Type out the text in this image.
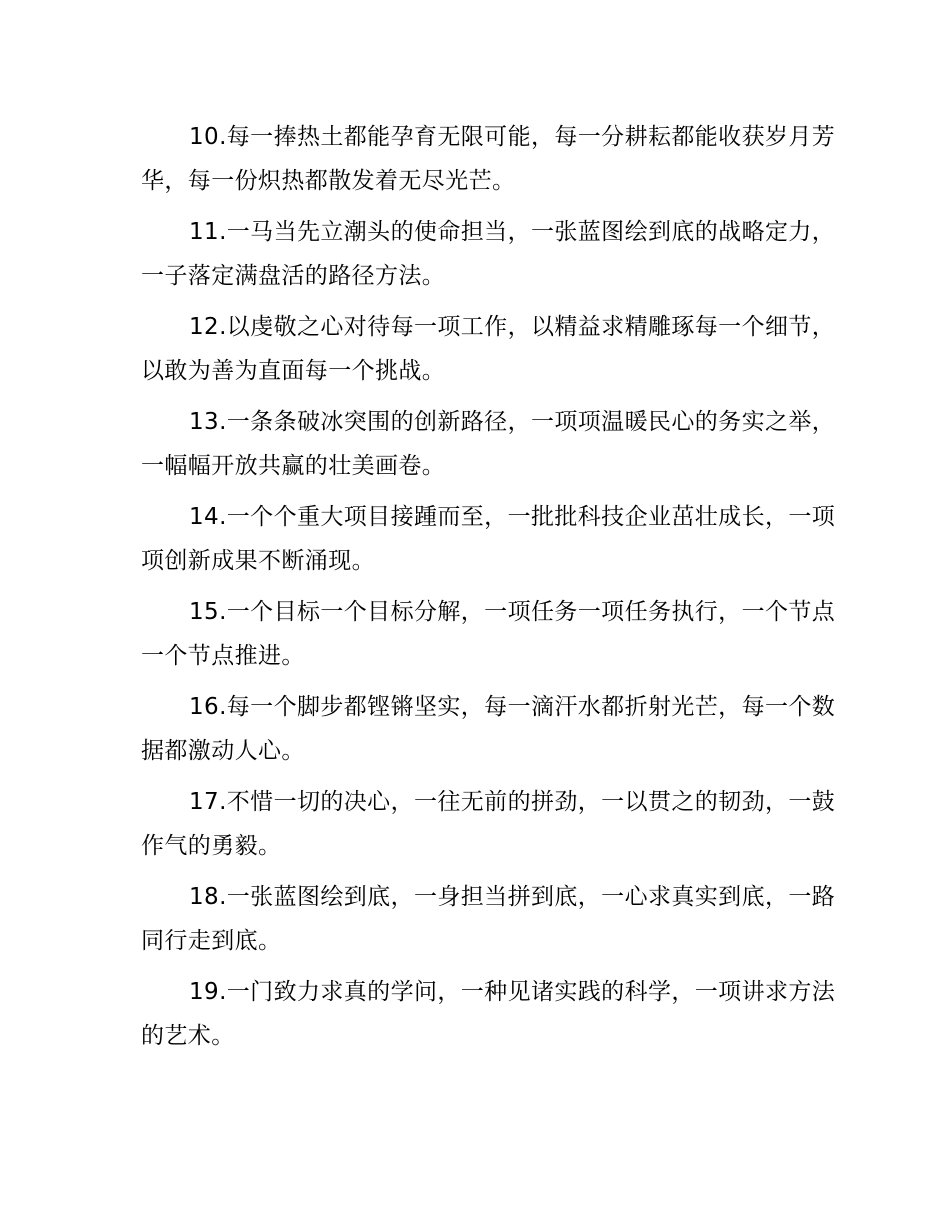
10.每一捧热土都能孕育无限可能，每一分耕耘都能收获岁月芳华，每一份炽热都散发着无尽光芒。

11.一马当先立潮头的使命担当，一张蓝图绘到底的战略定力，一子落定满盘活的路径方法。

12.以虔敬之心对待每一项工作，以精益求精雕琢每一个细节，以敢为善为直面每一个挑战。

13.一条条破冰突围的创新路径，一项项温暖民心的务实之举，一幅幅开放共赢的壮美画卷。

14.一个个重大项目接踵而至，一批批科技企业茁壮成长，一项项创新成果不断涌现。

15.一个目标一个目标分解，一项任务一项任务执行，一个节点一个节点推进。

16.每一个脚步都铿锵坚实，每一滴汗水都折射光芒，每一个数据都激动人心。

17.不惜一切的决心，一往无前的拼劲，一以贯之的韧劲，一鼓作气的勇毅。

18.一张蓝图绘到底，一身担当拼到底，一心求真实到底，一路同行走到底。

19.一门致力求真的学问，一种见诸实践的科学，一项讲求方法的艺术。
